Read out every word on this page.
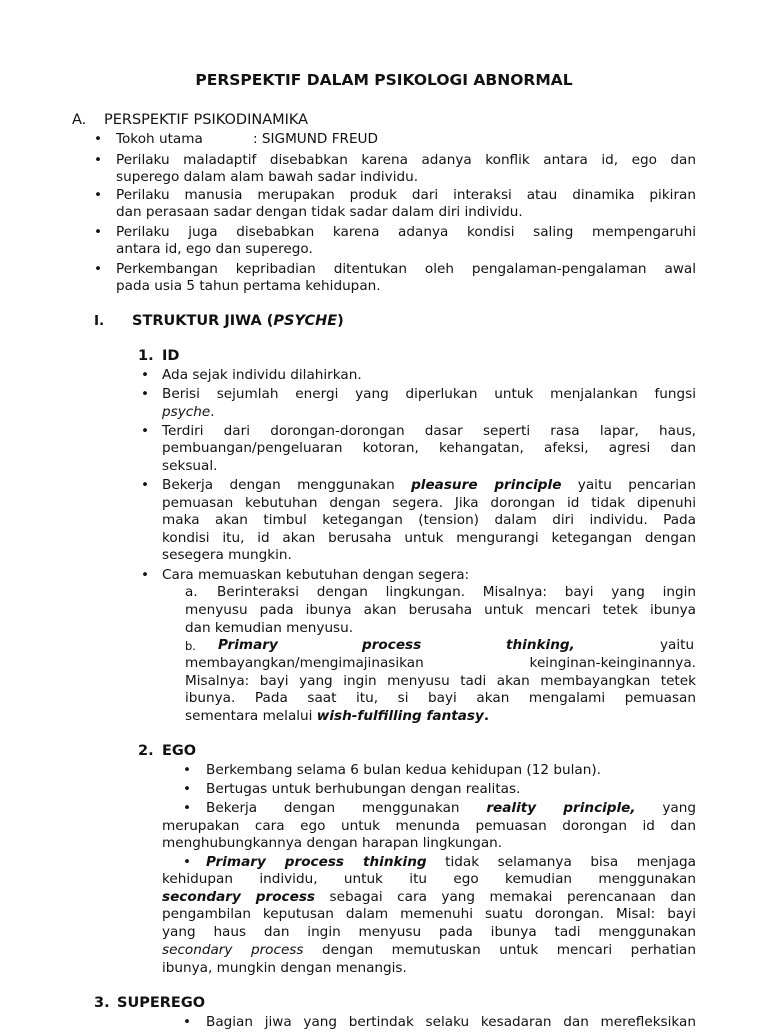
PERSPEKTIF DALAM PSIKOLOGI ABNORMAL
A. PERSPEKTIF PSIKODINAMIKA
•
Tokoh utama	: SIGMUND FREUD
•
Perilaku maladaptif disebabkan karena adanya konflik antara id, ego dan
superego dalam alam bawah sadar individu.
•
Perilaku manusia merupakan produk dari interaksi atau dinamika pikiran
dan perasaan sadar dengan tidak sadar dalam diri individu.
•
Perilaku juga disebabkan karena adanya kondisi saling mempengaruhi
antara id, ego dan superego.
•
Perkembangan kepribadian ditentukan oleh pengalaman-pengalaman awal
pada usia 5 tahun pertama kehidupan.
I. STRUKTUR JIWA (PSYCHE)
1. ID
•
Ada sejak individu dilahirkan.
•
Berisi sejumlah energi yang diperlukan untuk menjalankan fungsi
psyche.
•
Terdiri dari dorongan-dorongan dasar seperti rasa lapar, haus,
pembuangan/pengeluaran kotoran, kehangatan, afeksi, agresi dan
seksual.
•
Bekerja dengan menggunakan pleasure principle yaitu pencarian
pemuasan kebutuhan dengan segera. Jika dorongan id tidak dipenuhi
maka akan timbul ketegangan (tension) dalam diri individu. Pada
kondisi itu, id akan berusaha untuk mengurangi ketegangan dengan
sesegera mungkin.
•
Cara memuaskan kebutuhan dengan segera:
a. Berinteraksi dengan lingkungan. Misalnya: bayi yang ingin
menyusu pada ibunya akan berusaha untuk mencari tetek ibunya
dan kemudian menyusu.
b. Primary	process	thinking,	yaitu
membayangkan/mengimajinasikan keinginan-keinginannya.
Misalnya: bayi yang ingin menyusu tadi akan membayangkan tetek
ibunya. Pada saat itu, si bayi akan mengalami pemuasan
sementara melalui wish-fulfilling fantasy.
2. EGO
•
Berkembang selama 6 bulan kedua kehidupan (12 bulan).
•
Bertugas untuk berhubungan dengan realitas.
•
Bekerja dengan menggunakan reality principle, yang
merupakan cara ego untuk menunda pemuasan dorongan id dan
menghubungkannya dengan harapan lingkungan.
•
Primary process thinking tidak selamanya bisa menjaga
kehidupan individu, untuk itu ego kemudian menggunakan
secondary process sebagai cara yang memakai perencanaan dan
pengambilan keputusan dalam memenuhi suatu dorongan. Misal: bayi
yang haus dan ingin menyusu pada ibunya tadi menggunakan
secondary process dengan memutuskan untuk mencari perhatian
ibunya, mungkin dengan menangis.
3. SUPEREGO
•
Bagian jiwa yang bertindak selaku kesadaran dan merefleksikan
